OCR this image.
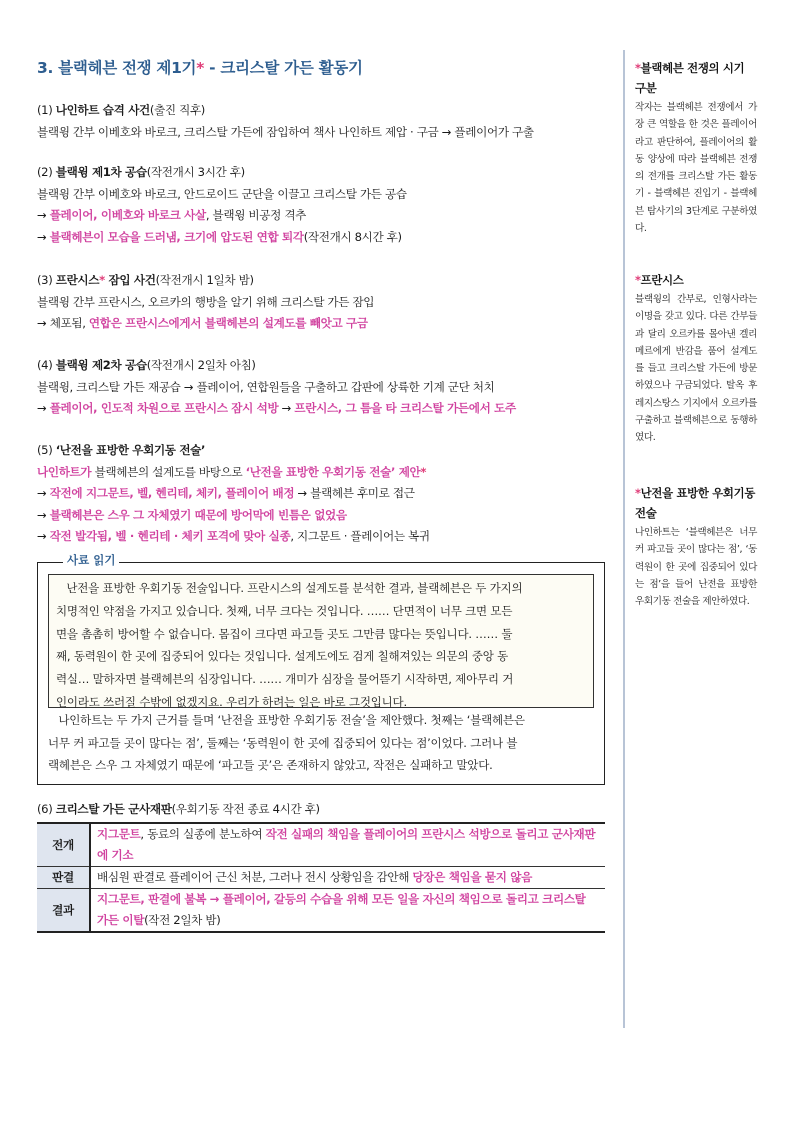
3. 블랙헤븐 전쟁 제1기* - 크리스탈 가든 활동기
(1) 나인하트 습격 사건(출진 직후)
블랙윙 간부 이베호와 바로크, 크리스탈 가든에 잠입하여 책사 나인하트 제압 · 구금 → 플레이어가 구출
(2) 블랙윙 제1차 공습(작전개시 3시간 후)
블랙윙 간부 이베호와 바로크, 안드로이드 군단을 이끌고 크리스탈 가든 공습
→ 플레이어, 이베호와 바로크 사살, 블랙윙 비공정 격추
→ 블랙헤븐이 모습을 드러냄, 크기에 압도된 연합 퇴각(작전개시 8시간 후)
(3) 프란시스* 잠입 사건(작전개시 1일차 밤)
블랙윙 간부 프란시스, 오르카의 행방을 알기 위해 크리스탈 가든 잠입
→ 체포됨, 연합은 프란시스에게서 블랙헤븐의 설계도를 빼앗고 구금
(4) 블랙윙 제2차 공습(작전개시 2일차 아침)
블랙윙, 크리스탈 가든 재공습 → 플레이어, 연합원들을 구출하고 갑판에 상륙한 기계 군단 처치
→ 플레이어, 인도적 차원으로 프란시스 잠시 석방 → 프란시스, 그 틈을 타 크리스탈 가든에서 도주
(5) ‘난전을 표방한 우회기동 전술’
나인하트가 블랙헤븐의 설계도를 바탕으로 ‘난전을 표방한 우회기동 전술’ 제안*
→ 작전에 지그문트, 벨, 헨리테, 체키, 플레이어 배정 → 블랙헤븐 후미로 접근
→ 블랙헤븐은 스우 그 자체였기 때문에 방어막에 빈틈은 없었음
→ 작전 발각됨, 벨 · 헨리테 · 체키 포격에 맞아 실종, 지그문트 · 플레이어는 복귀
난전을 표방한 우회기동 전술입니다. 프란시스의 설계도를 분석한 결과, 블랙헤븐은 두 가지의
치명적인 약점을 가지고 있습니다. 첫째, 너무 크다는 것입니다. …… 단면적이 너무 크면 모든
면을 촘촘히 방어할 수 없습니다. 몸집이 크다면 파고들 곳도 그만큼 많다는 뜻입니다. …… 둘
째, 동력원이 한 곳에 집중되어 있다는 것입니다. 설계도에도 검게 칠해져있는 의문의 중앙 동
력실… 말하자면 블랙헤븐의 심장입니다. …… 개미가 심장을 물어뜯기 시작하면, 제아무리 거
인이라도 쓰러질 수밖에 없겠지요. 우리가 하려는 일은 바로 그것입니다.
나인하트는 두 가지 근거를 들며 ‘난전을 표방한 우회기동 전술’을 제안했다. 첫째는 ‘블랙헤븐은
너무 커 파고들 곳이 많다는 점’, 둘째는 ‘동력원이 한 곳에 집중되어 있다는 점’이었다. 그러나 블
랙헤븐은 스우 그 자체였기 때문에 ‘파고들 곳’은 존재하지 않았고, 작전은 실패하고 말았다.
사료 읽기
(6) 크리스탈 가든 군사재판(우회기동 작전 종료 4시간 후)
전개	지그문트, 동료의 실종에 분노하여 작전 실패의 책임을 플레이어의 프란시스 석방으로 돌리고 군사재판에 기소
판결	배심원 판결로 플레이어 근신 처분, 그러나 전시 상황임을 감안해 당장은 책임을 묻지 않음
결과	지그문트, 판결에 불복 → 플레이어, 갈등의 수습을 위해 모든 일을 자신의 책임으로 돌리고 크리스탈 가든 이탈(작전 2일차 밤)
*블랙헤븐 전쟁의 시기 구분
작자는 블랙헤븐 전쟁에서 가장 큰 역할을 한 것은 플레이어라고 판단하여, 플레이어의 활동 양상에 따라 블랙헤븐 전쟁의 전개를 크리스탈 가든 활동기 - 블랙헤븐 진입기 - 블랙헤븐 탐사기의 3단계로 구분하였다.
*프란시스
블랙윙의 간부로, 인형사라는 이명을 갖고 있다. 다른 간부들과 달리 오르카를 몰아낸 겔리메르에게 반감을 품어 설계도를 들고 크리스탈 가든에 방문하였으나 구금되었다. 탈옥 후 레지스탕스 기지에서 오르카를 구출하고 블랙헤븐으로 동행하였다.
*난전을 표방한 우회기동 전술
나인하트는 ‘블랙헤븐은 너무 커 파고들 곳이 많다는 점’, ‘동력원이 한 곳에 집중되어 있다는 점’을 들어 난전을 표방한 우회기동 전술을 제안하였다.
